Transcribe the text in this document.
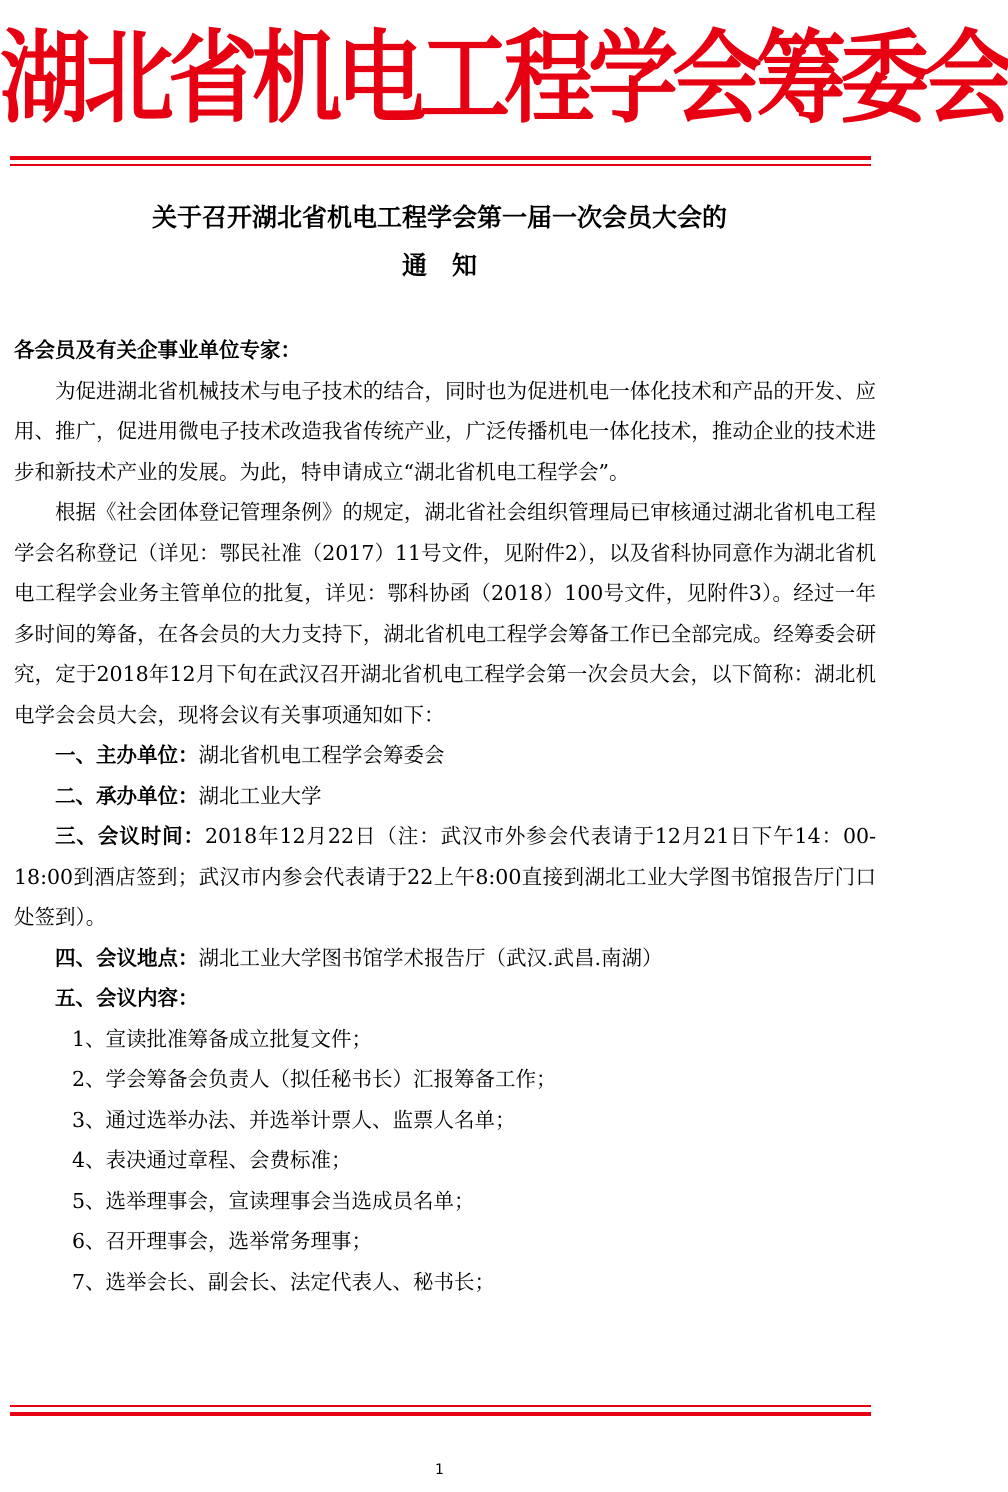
湖北省机电工程学会筹委会
关于召开湖北省机电工程学会第一届一次会员大会的
通　知

各会员及有关企事业单位专家：

为促进湖北省机械技术与电子技术的结合，同时也为促进机电一体化技术和产品的开发、应用、推广，促进用微电子技术改造我省传统产业，广泛传播机电一体化技术，推动企业的技术进步和新技术产业的发展。为此，特申请成立“湖北省机电工程学会”。

根据《社会团体登记管理条例》的规定，湖北省社会组织管理局已审核通过湖北省机电工程学会名称登记（详见：鄂民社准（2017）11号文件，见附件2），以及省科协同意作为湖北省机电工程学会业务主管单位的批复，详见：鄂科协函（2018）100号文件，见附件3）。经过一年多时间的筹备，在各会员的大力支持下，湖北省机电工程学会筹备工作已全部完成。经筹委会研究，定于2018年12月下旬在武汉召开湖北省机电工程学会第一次会员大会，以下简称：湖北机电学会会员大会，现将会议有关事项通知如下：

一、主办单位：湖北省机电工程学会筹委会

二、承办单位：湖北工业大学

三、会议时间：2018年12月22日（注：武汉市外参会代表请于12月21日下午14：00-18:00到酒店签到；武汉市内参会代表请于22上午8:00直接到湖北工业大学图书馆报告厅门口处签到）。

四、会议地点：湖北工业大学图书馆学术报告厅（武汉.武昌.南湖）

五、会议内容：

1、宣读批准筹备成立批复文件；

2、学会筹备会负责人（拟任秘书长）汇报筹备工作；

3、通过选举办法、并选举计票人、监票人名单；

4、表决通过章程、会费标准；

5、选举理事会，宣读理事会当选成员名单；

6、召开理事会，选举常务理事；

7、选举会长、副会长、法定代表人、秘书长；

1
